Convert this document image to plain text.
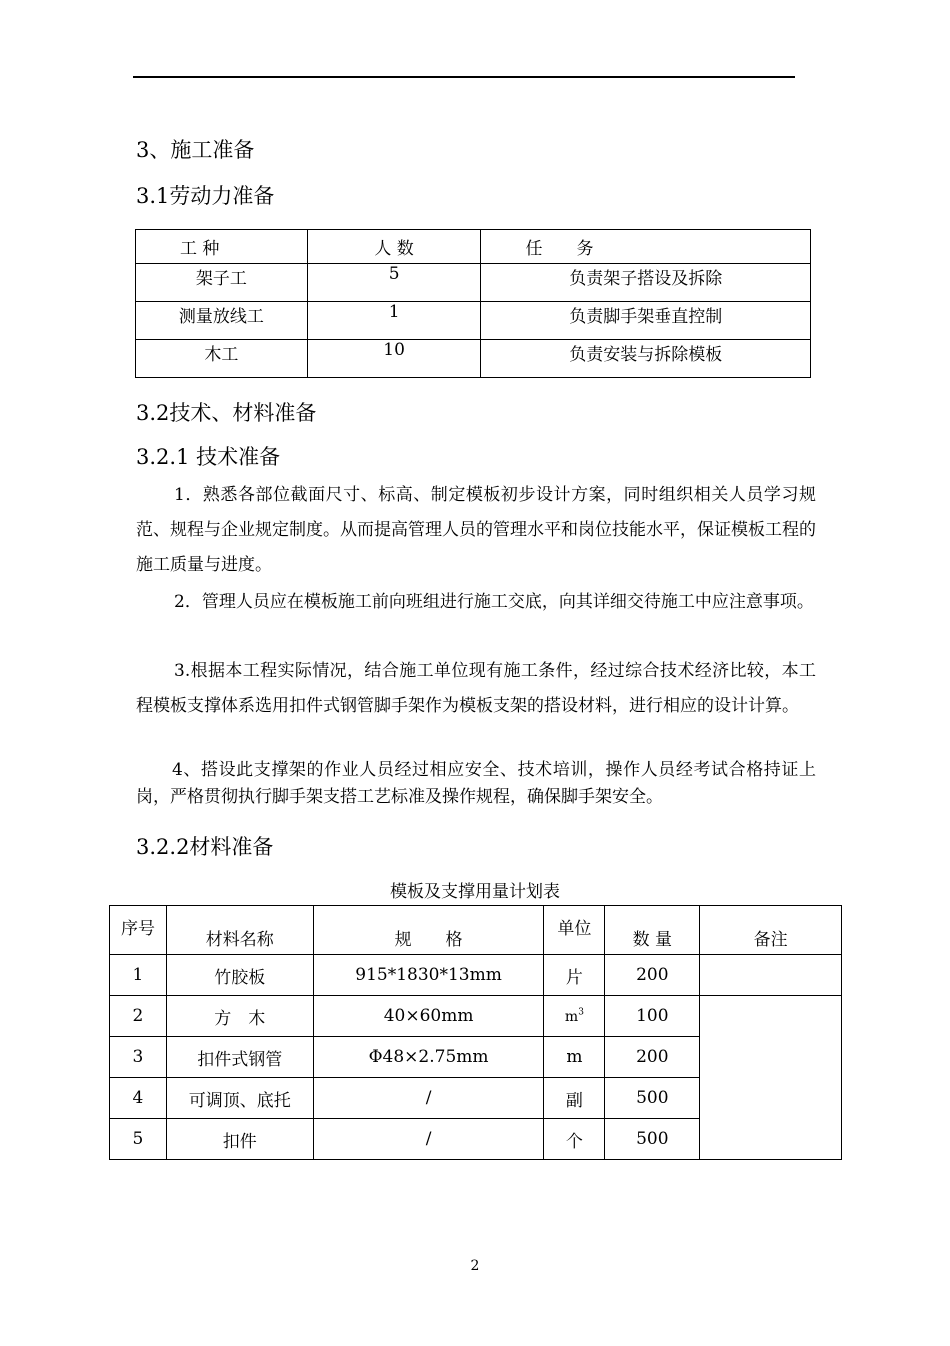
3、施工准备
3.1劳动力准备
工 种	人 数	任　　务
架子工	5	负责架子搭设及拆除
测量放线工	1	负责脚手架垂直控制
木工	10	负责安装与拆除模板
3.2技术、材料准备
3.2.1 技术准备
1．熟悉各部位截面尺寸、标高、制定模板初步设计方案，同时组织相关人员学习规范、规程与企业规定制度。从而提高管理人员的管理水平和岗位技能水平，保证模板工程的施工质量与进度。
2．管理人员应在模板施工前向班组进行施工交底，向其详细交待施工中应注意事项。
3.根据本工程实际情况，结合施工单位现有施工条件，经过综合技术经济比较，本工程模板支撑体系选用扣件式钢管脚手架作为模板支架的搭设材料，进行相应的设计计算。
4、搭设此支撑架的作业人员经过相应安全、技术培训，操作人员经考试合格持证上岗，严格贯彻执行脚手架支搭工艺标准及操作规程，确保脚手架安全。
3.2.2材料准备
模板及支撑用量计划表
序号	材料名称	规　　格	单位	数 量	备注
1	竹胶板	915*1830*13mm	片	200	
2	方　木	40×60mm	$m^3$	100	
3	扣件式钢管	Φ48×2.75mm	m	200	
4	可调顶、底托	/	副	500	
5	扣件	/	个	500	
2
